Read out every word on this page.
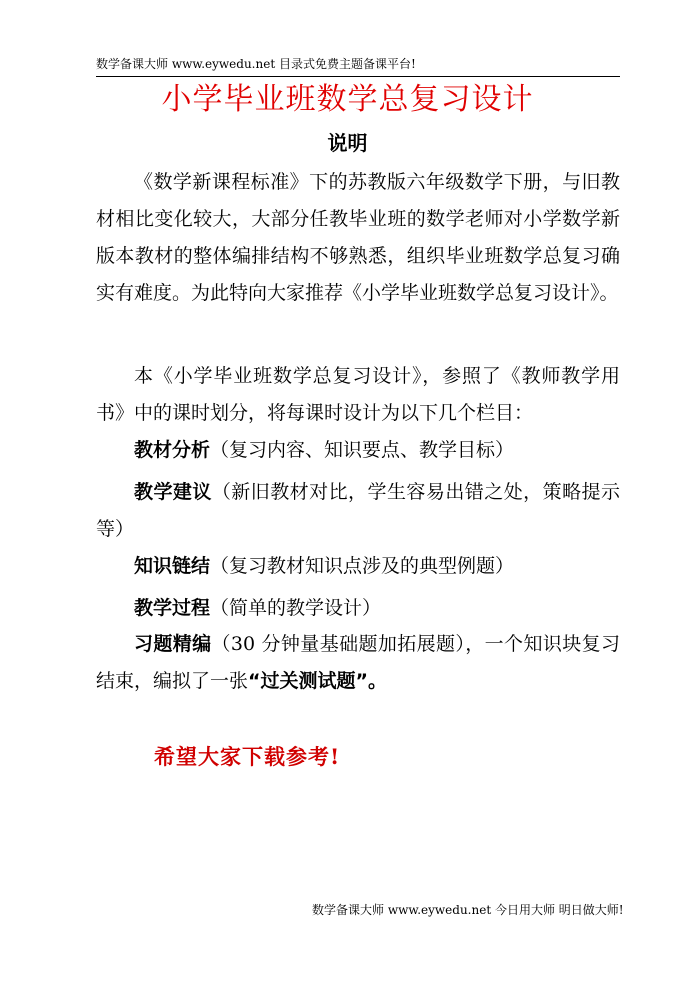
数学备课大师 www.eywedu.net 目录式免费主题备课平台!
小学毕业班数学总复习设计
说明
《数学新课程标准》下的苏教版六年级数学下册，与旧教材相比变化较大，大部分任教毕业班的数学老师对小学数学新版本教材的整体编排结构不够熟悉，组织毕业班数学总复习确实有难度。为此特向大家推荐《小学毕业班数学总复习设计》。
本《小学毕业班数学总复习设计》，参照了《教师教学用书》中的课时划分，将每课时设计为以下几个栏目：
教材分析（复习内容、知识要点、教学目标）
教学建议（新旧教材对比，学生容易出错之处，策略提示等）
知识链结（复习教材知识点涉及的典型例题）
教学过程（简单的教学设计）
习题精编（30 分钟量基础题加拓展题），一个知识块复习结束，编拟了一张“过关测试题”。
希望大家下载参考!
数学备课大师 www.eywedu.net 今日用大师 明日做大师!
